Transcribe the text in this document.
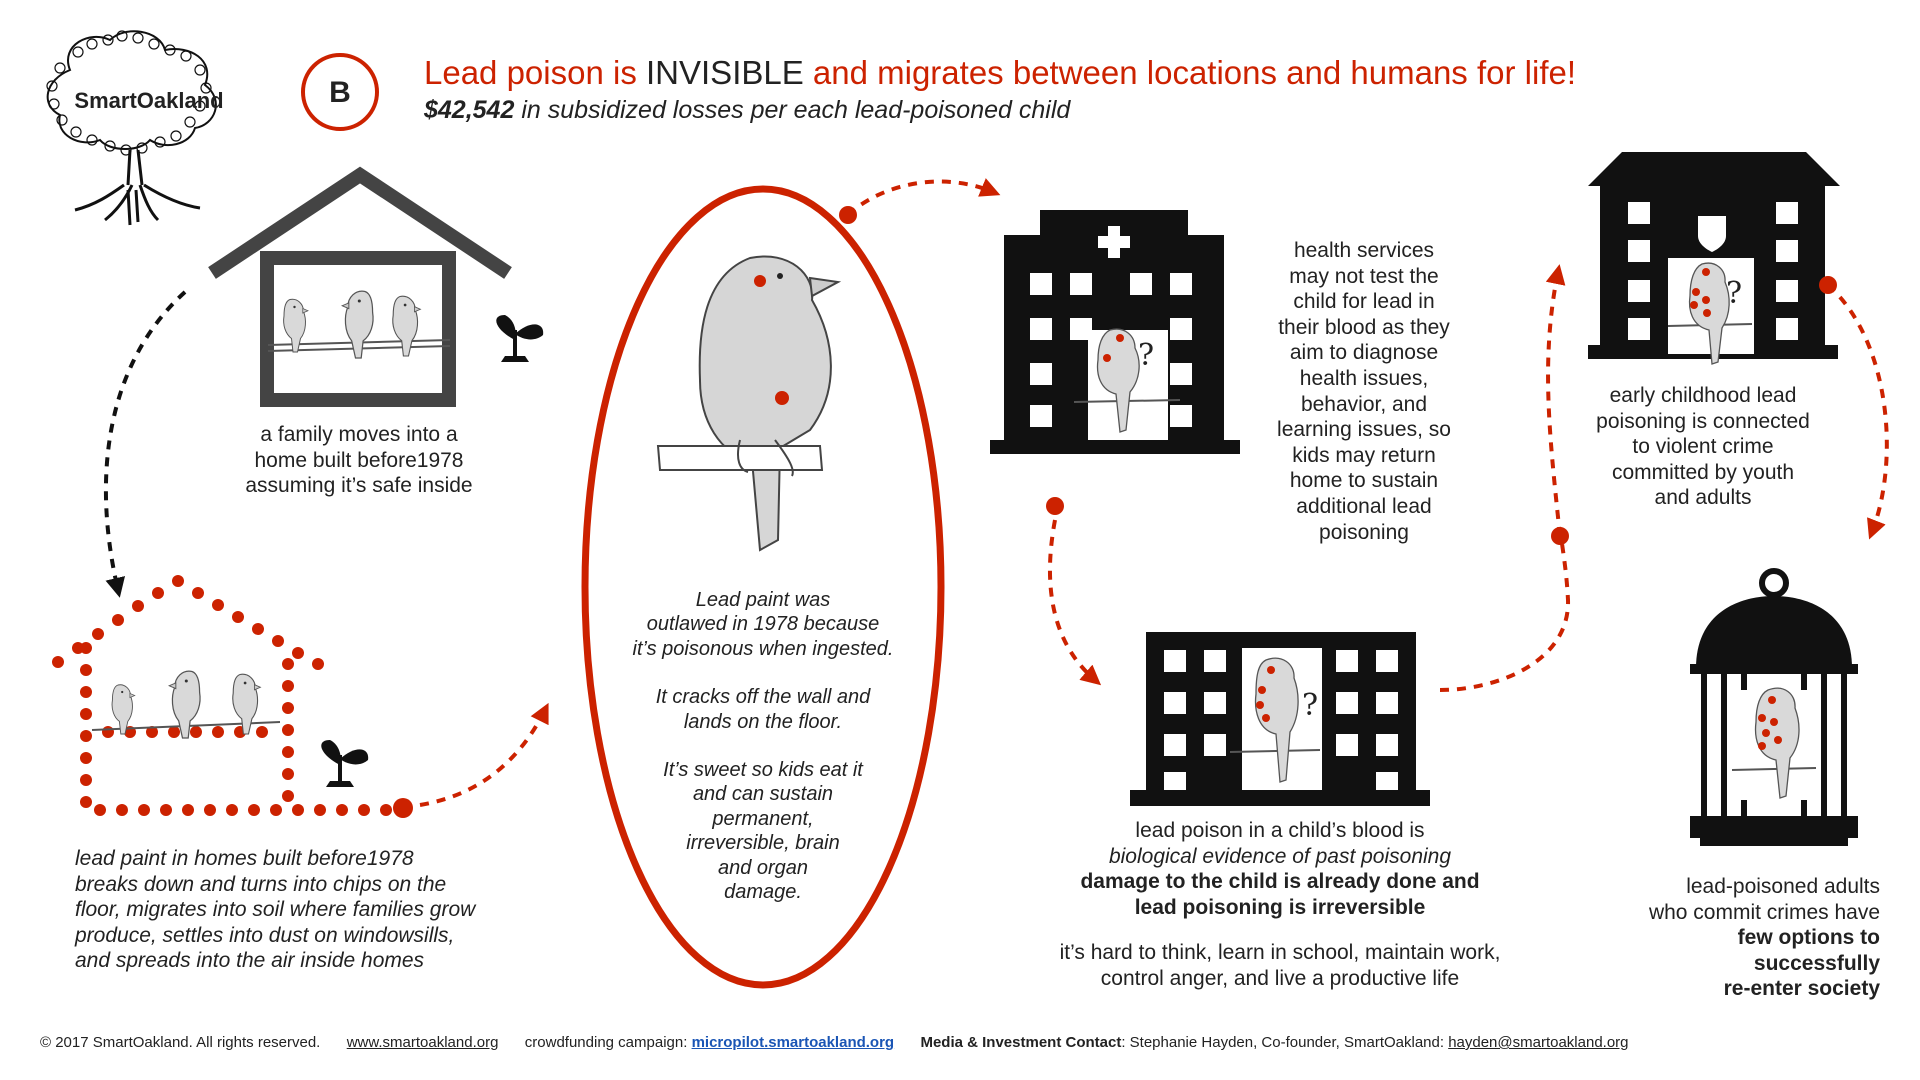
SmartOakland	B
Lead poison is INVISIBLE and migrates between locations and humans for life!
$42,542 in subsidized losses per each lead-poisoned child
a family moves into a
home built before1978
assuming it’s safe inside
lead paint in homes built before1978
breaks down and turns into chips on the
floor, migrates into soil where families grow
produce, settles into dust on windowsills,
and spreads into the air inside homes
Lead paint was
outlawed in 1978 because
it’s poisonous when ingested.
It cracks off the wall and
lands on the floor.
It’s sweet so kids eat it
and can sustain
permanent,
irreversible, brain
and organ
damage.
health services
may not test the
child for lead in
their blood as they
aim to diagnose
health issues,
behavior, and
learning issues, so
kids may return
home to sustain
additional lead
poisoning
lead poison in a child’s blood is
biological evidence of past poisoning
damage to the child is already done and
lead poisoning is irreversible
it’s hard to think, learn in school, maintain work,
control anger, and live a productive life
early childhood lead
poisoning is connected
to violent crime
committed by youth
and adults
lead-poisoned adults
who commit crimes have
few options to
successfully
re-enter society
?
?
?
© 2017 SmartOakland. All rights reserved. www.smartoakland.org crowdfunding campaign: micropilot.smartoakland.org Media & Investment Contact: Stephanie Hayden, Co-founder, SmartOakland: hayden@smartoakland.org
